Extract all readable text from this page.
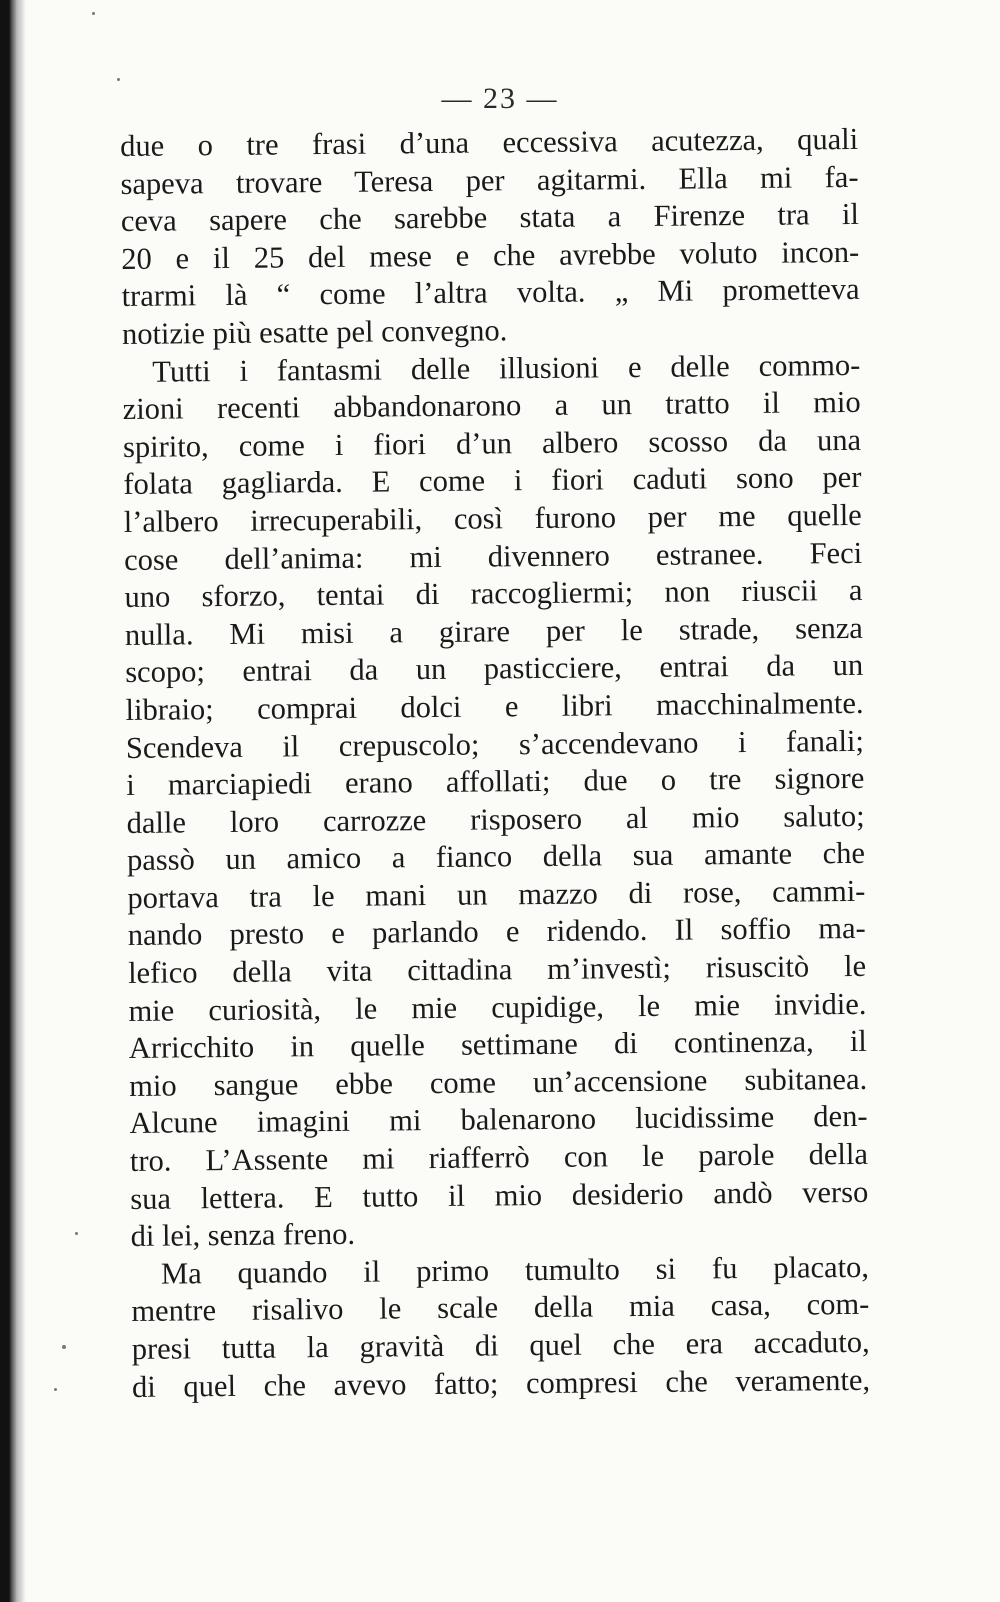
— 23 —
due o tre frasi d’una eccessiva acutezza, quali
sapeva trovare Teresa per agitarmi. Ella mi fa-
ceva sapere che sarebbe stata a Firenze tra il
20 e il 25 del mese e che avrebbe voluto incon-
trarmi là “ come l’altra volta. „ Mi prometteva
notizie più esatte pel convegno.
Tutti i fantasmi delle illusioni e delle commo-
zioni recenti abbandonarono a un tratto il mio
spirito, come i fiori d’un albero scosso da una
folata gagliarda. E come i fiori caduti sono per
l’albero irrecuperabili, così furono per me quelle
cose dell’anima: mi divennero estranee. Feci
uno sforzo, tentai di raccogliermi; non riuscii a
nulla. Mi misi a girare per le strade, senza
scopo; entrai da un pasticciere, entrai da un
libraio; comprai dolci e libri macchinalmente.
Scendeva il crepuscolo; s’accendevano i fanali;
i marciapiedi erano affollati; due o tre signore
dalle loro carrozze risposero al mio saluto;
passò un amico a fianco della sua amante che
portava tra le mani un mazzo di rose, cammi-
nando presto e parlando e ridendo. Il soffio ma-
lefico della vita cittadina m’investì; risuscitò le
mie curiosità, le mie cupidige, le mie invidie.
Arricchito in quelle settimane di continenza, il
mio sangue ebbe come un’accensione subitanea.
Alcune imagini mi balenarono lucidissime den-
tro. L’Assente mi riafferrò con le parole della
sua lettera. E tutto il mio desiderio andò verso
di lei, senza freno.
Ma quando il primo tumulto si fu placato,
mentre risalivo le scale della mia casa, com-
presi tutta la gravità di quel che era accaduto,
di quel che avevo fatto; compresi che veramente,
